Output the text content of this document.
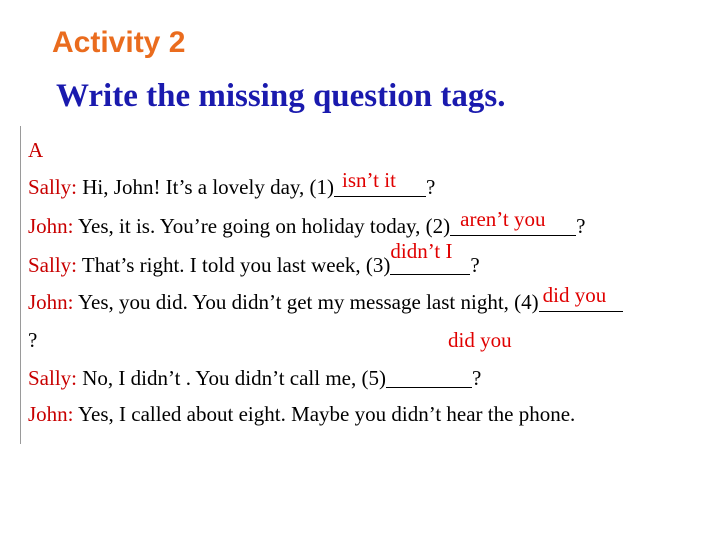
Activity 2
Write the missing question tags.
A
Sally: Hi, John! It’s a lovely day, (1) isn’t it ?
John: Yes, it is. You’re going on holiday today, (2) aren’t you ?
Sally: That’s right. I told you last week, (3)
didn’t I
?
John: Yes, you did. You didn’t get my message last night, (4) did you
?	did you
Sally: No, I didn’t . You didn’t call me, (5)	?
John: Yes, I called about eight. Maybe you didn’t hear the phone.
